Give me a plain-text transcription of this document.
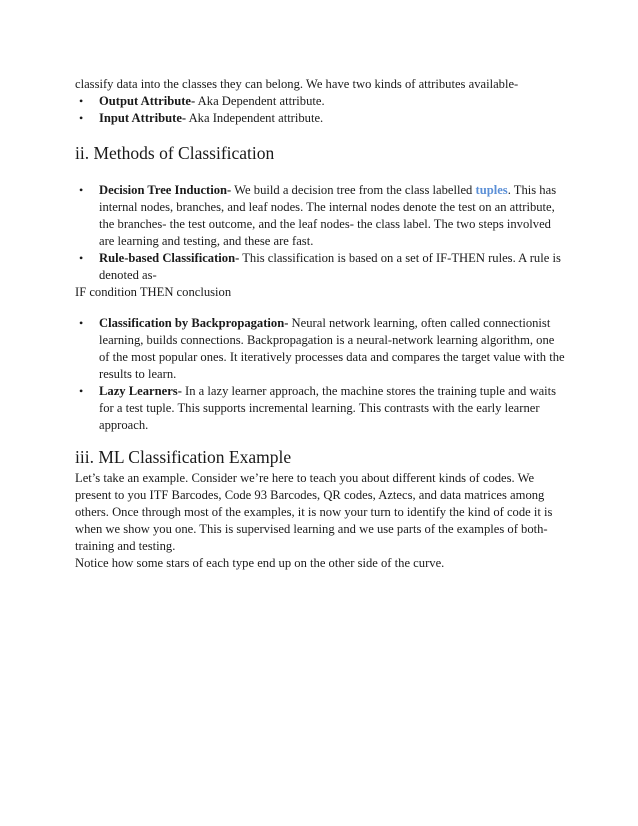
classify data into the classes they can belong. We have two kinds of attributes available-

• Output Attribute- Aka Dependent attribute.
• Input Attribute- Aka Independent attribute.
ii. Methods of Classification
• Decision Tree Induction- We build a decision tree from the class labelled tuples. This has internal nodes, branches, and leaf nodes. The internal nodes denote the test on an attribute, the branches- the test outcome, and the leaf nodes- the class label. The two steps involved are learning and testing, and these are fast.
• Rule-based Classification- This classification is based on a set of IF-THEN rules. A rule is denoted as-

IF condition THEN conclusion

• Classification by Backpropagation- Neural network learning, often called connectionist learning, builds connections. Backpropagation is a neural-network learning algorithm, one of the most popular ones. It iteratively processes data and compares the target value with the results to learn.
• Lazy Learners- In a lazy learner approach, the machine stores the training tuple and waits for a test tuple. This supports incremental learning. This contrasts with the early learner approach.
iii. ML Classification Example

Let’s take an example. Consider we’re here to teach you about different kinds of codes. We present to you ITF Barcodes, Code 93 Barcodes, QR codes, Aztecs, and data matrices among others. Once through most of the examples, it is now your turn to identify the kind of code it is when we show you one. This is supervised learning and we use parts of the examples of both- training and testing.

Notice how some stars of each type end up on the other side of the curve.
